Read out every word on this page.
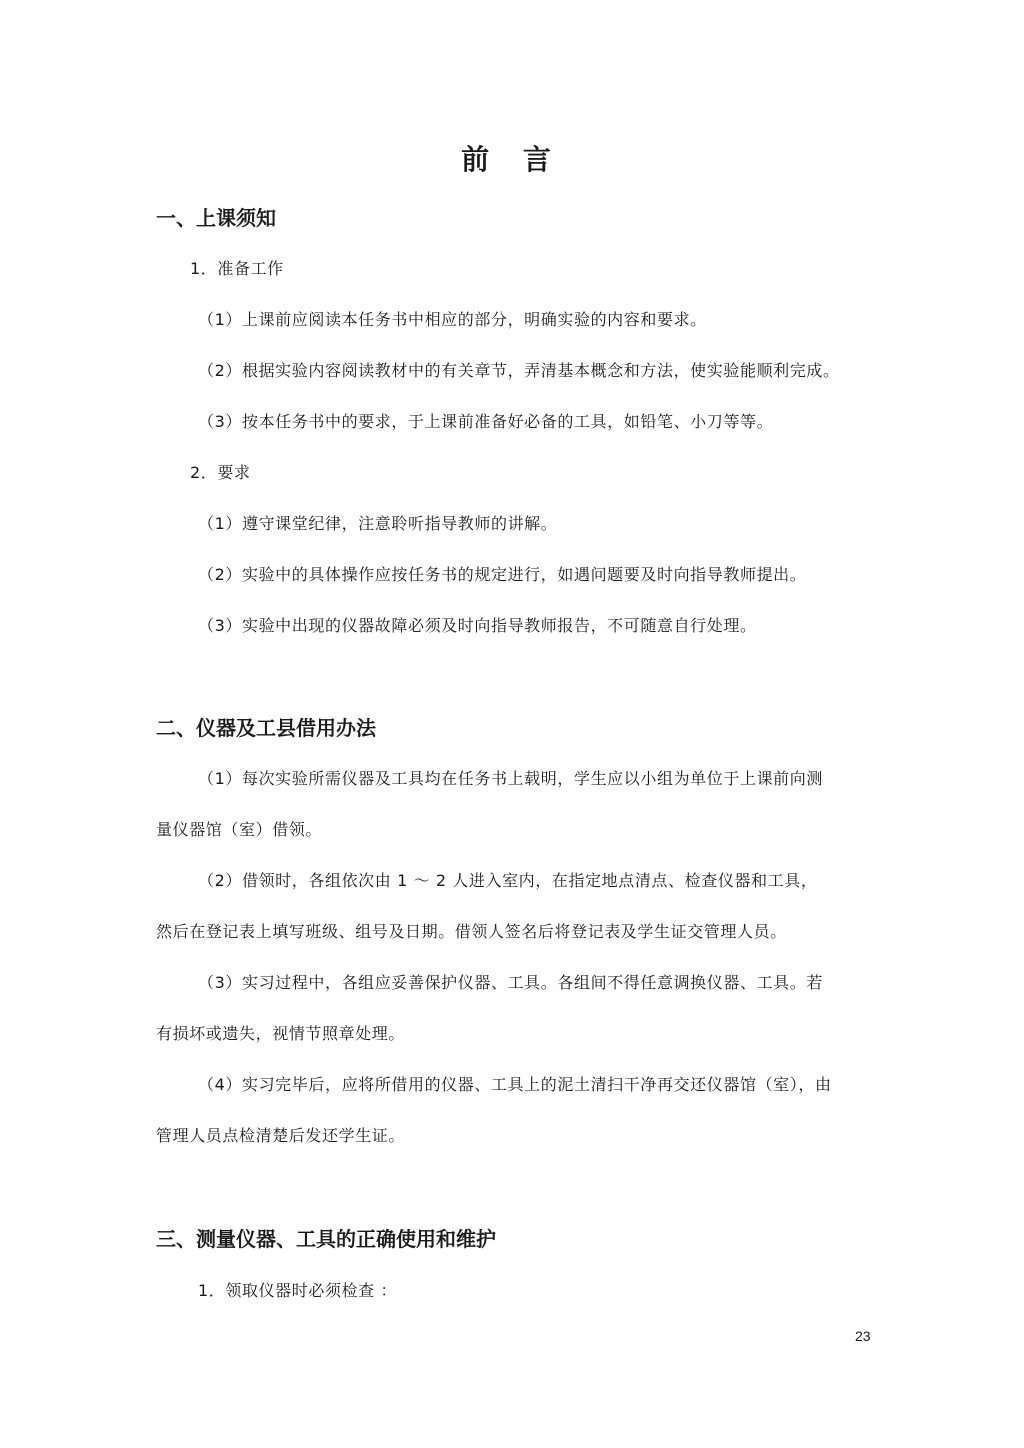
前 言
一、上课须知
1．准备工作
（1）上课前应阅读本任务书中相应的部分，明确实验的内容和要求。
（2）根据实验内容阅读教材中的有关章节，弄清基本概念和方法，使实验能顺利完成。
（3）按本任务书中的要求，于上课前准备好必备的工具，如铅笔、小刀等等。
2．要求
（1）遵守课堂纪律，注意聆听指导教师的讲解。
（2）实验中的具体操作应按任务书的规定进行，如遇问题要及时向指导教师提出。
（3）实验中出现的仪器故障必须及时向指导教师报告，不可随意自行处理。
二、仪器及工县借用办法
（1）每次实验所需仪器及工具均在任务书上载明，学生应以小组为单位于上课前向测
量仪器馆（室）借领。
（2）借领时，各组依次由 1 ～ 2 人进入室内，在指定地点清点、检查仪器和工具，
然后在登记表上填写班级、组号及日期。借领人签名后将登记表及学生证交管理人员。
（3）实习过程中，各组应妥善保护仪器、工具。各组间不得任意调换仪器、工具。若
有损坏或遗失，视情节照章处理。
（4）实习完毕后，应将所借用的仪器、工具上的泥土清扫干净再交还仪器馆（室），由
管理人员点检清楚后发还学生证。
三、测量仪器、工具的正确使用和维护
1．领取仪器时必须检查 ：
23
